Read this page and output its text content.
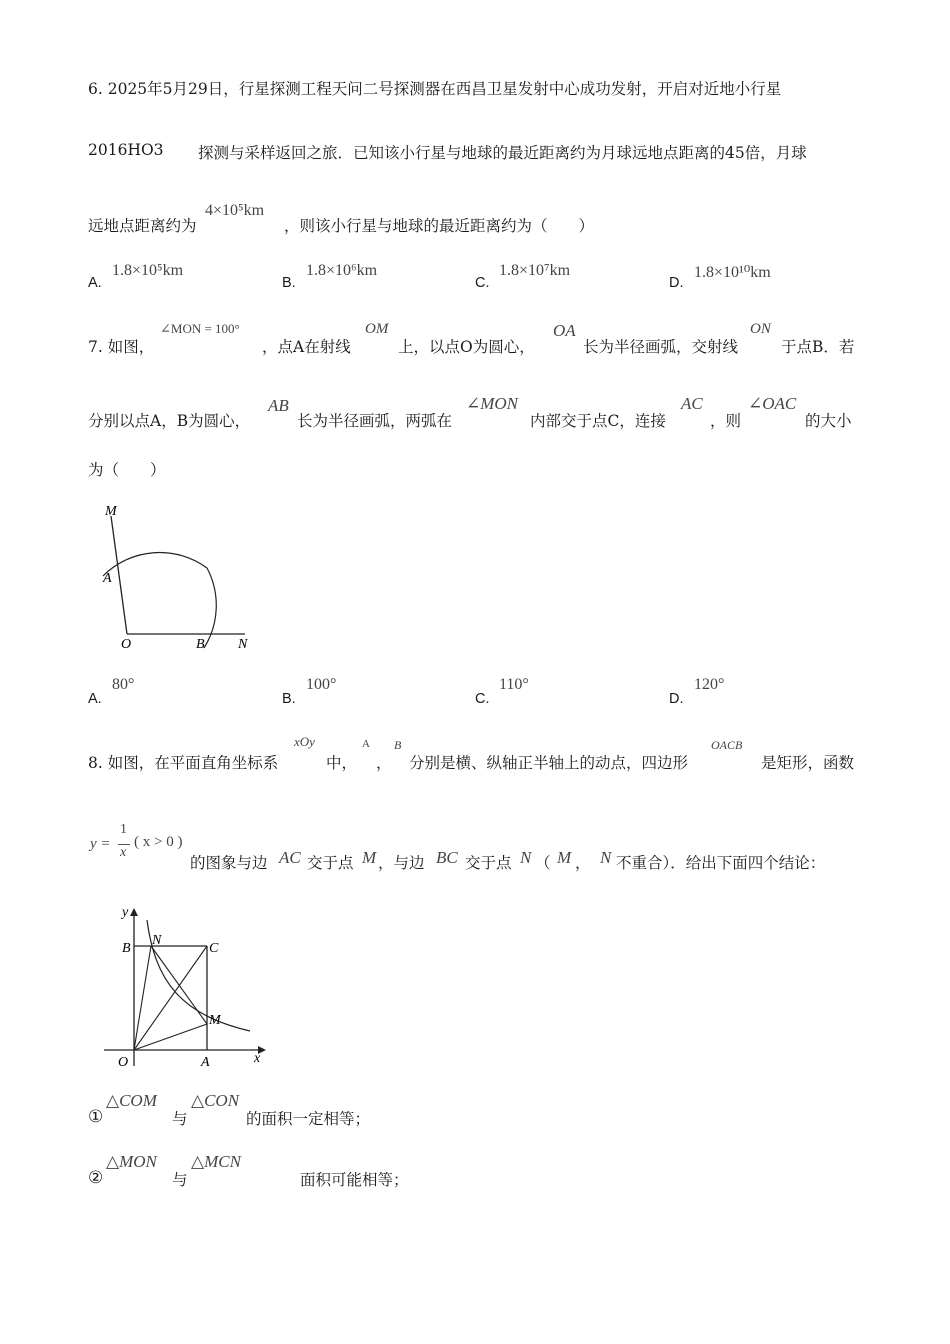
6. 2025年5月29日，行星探测工程天问二号探测器在西昌卫星发射中心成功发射，开启对近地小行星
2016HO3 探测与采样返回之旅．已知该小行星与地球的最近距离约为月球远地点距离的45倍，月球
远地点距离约为
4×10⁵km
，则该小行星与地球的最近距离约为（　　）
A.
1.8×10⁵km
B.
1.8×10⁶km
C.
1.8×10⁷km
D.
1.8×10¹⁰km
7. 如图，
∠MON = 100°
，点A在射线
OM
上，以点O为圆心，
OA
长为半径画弧，交射线
ON
于点B．若
分别以点A，B为圆心，
AB
长为半径画弧，两弧在
∠MON
内部交于点C，连接
AC
，则
∠OAC
的大小
为（　　）
M
A
O	B N
A.
80°
B.
100°
C.
110°
D.
120°
8. 如图，在平面直角坐标系
xOy
中，
A
，
B
分别是横、纵轴正半轴上的动点，四边形
OACB
是矩形，函数
y =
1
x
( x > 0 )
的图象与边 AC 交于点 M ，与边 BC 交于点 N （ M ， N 不重合）．给出下面四个结论：
y
B
N
C
M
O	A	x
①
△COM
与
△CON
的面积一定相等；
②
△MON
与
△MCN
面积可能相等；
